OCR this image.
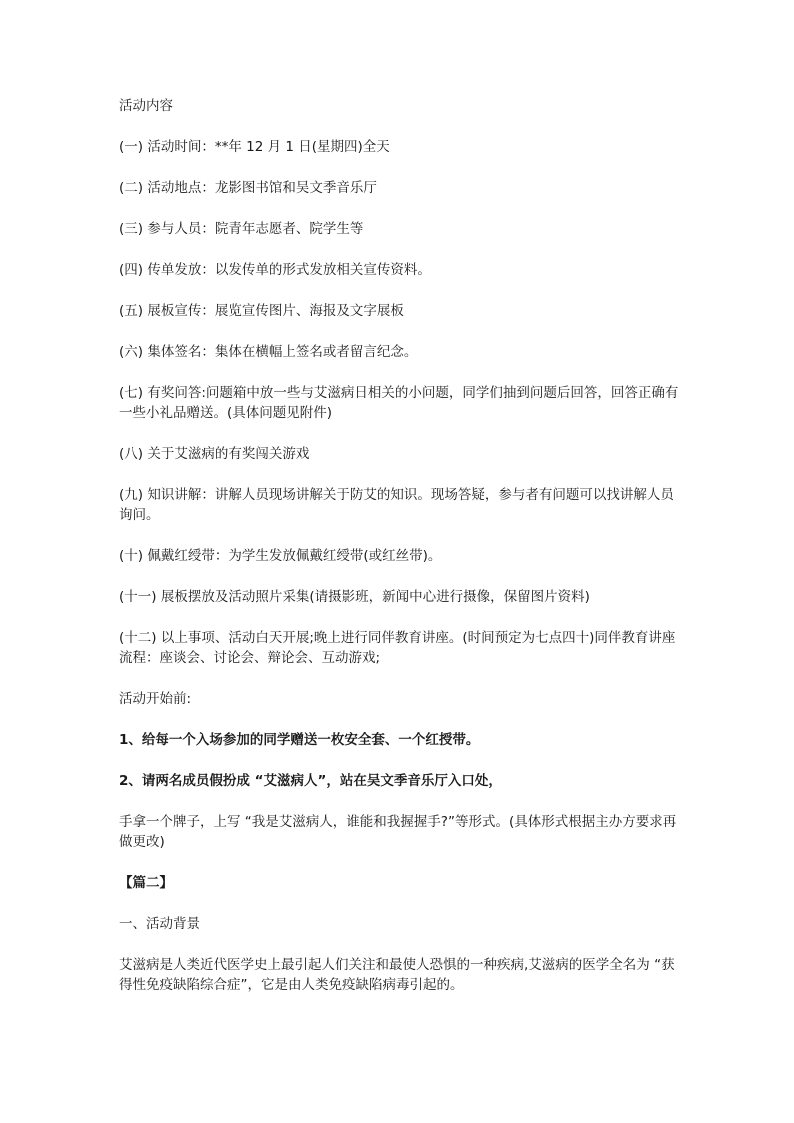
活动内容

(一) 活动时间：**年 12 月 1 日(星期四)全天

(二) 活动地点：龙影图书馆和吴文季音乐厅

(三) 参与人员：院青年志愿者、院学生等

(四) 传单发放：以发传单的形式发放相关宣传资料。

(五) 展板宣传：展览宣传图片、海报及文字展板

(六) 集体签名：集体在横幅上签名或者留言纪念。

(七) 有奖问答:问题箱中放一些与艾滋病日相关的小问题，同学们抽到问题后回答，回答正确有一些小礼品赠送。(具体问题见附件)

(八) 关于艾滋病的有奖闯关游戏

(九) 知识讲解：讲解人员现场讲解关于防艾的知识。现场答疑，参与者有问题可以找讲解人员询问。

(十) 佩戴红绶带：为学生发放佩戴红绶带(或红丝带)。

(十一) 展板摆放及活动照片采集(请摄影班，新闻中心进行摄像，保留图片资料)

(十二) 以上事项、活动白天开展;晚上进行同伴教育讲座。(时间预定为七点四十)同伴教育讲座流程：座谈会、讨论会、辩论会、互动游戏;

活动开始前:

1、给每一个入场参加的同学赠送一枚安全套、一个红授带。

2、请两名成员假扮成 “艾滋病人”，站在吴文季音乐厅入口处，

手拿一个牌子，上写 “我是艾滋病人，谁能和我握握手?”等形式。(具体形式根据主办方要求再做更改)

【篇二】

一、活动背景

艾滋病是人类近代医学史上最引起人们关注和最使人恐惧的一种疾病,艾滋病的医学全名为 “获得性免疫缺陷综合症”，它是由人类免疫缺陷病毒引起的。
